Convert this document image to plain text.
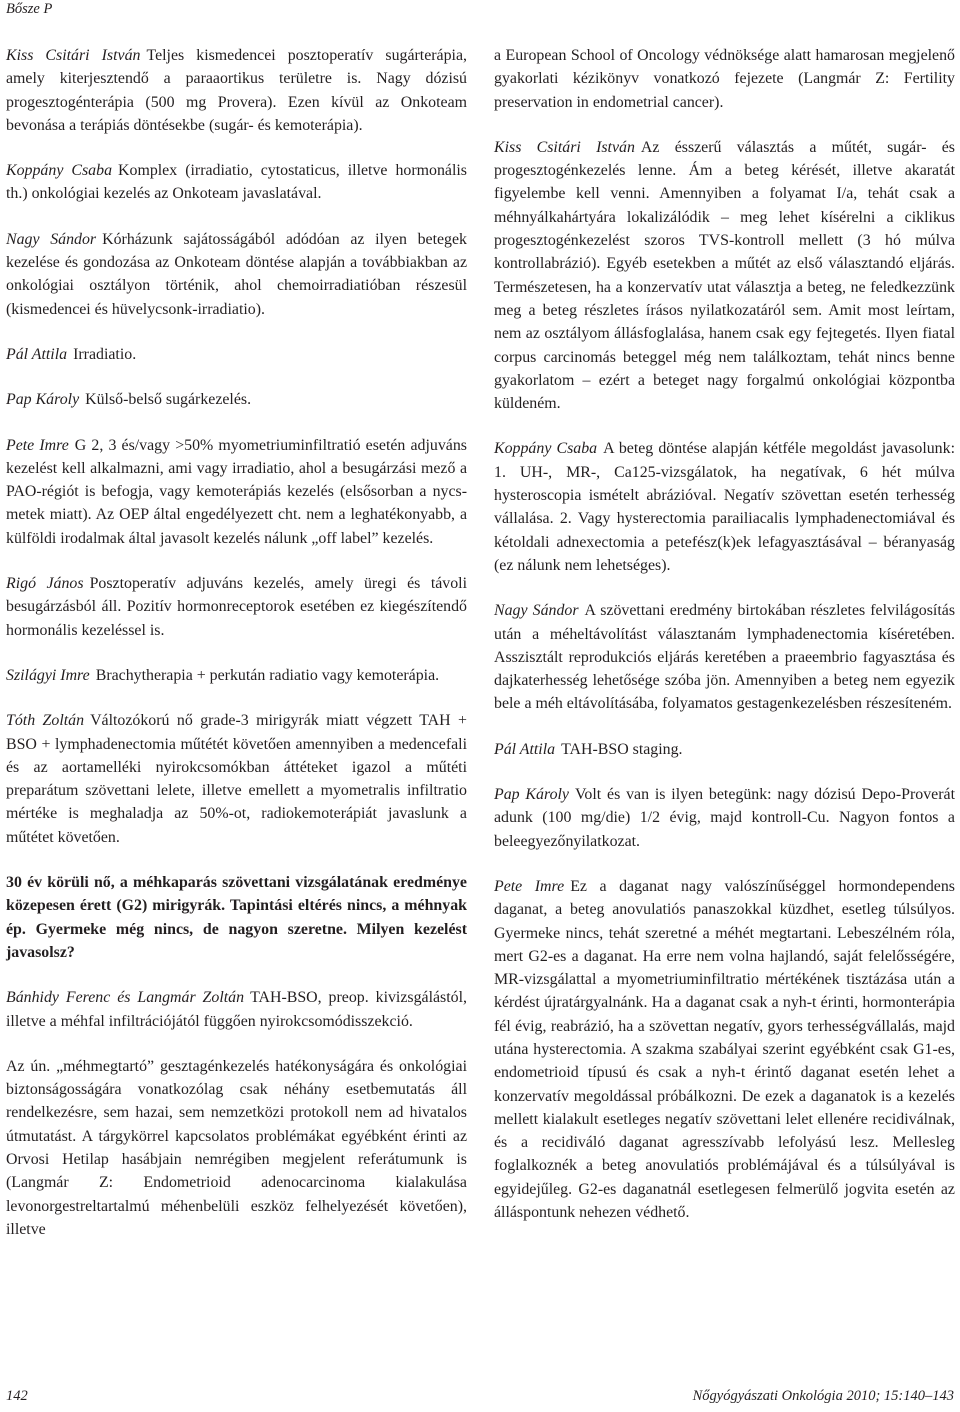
Bősze P

Kiss Csitári István Teljes kismedencei posztoperatív sugárterápia, amely kiterjesztendő a paraaortikus területre is. Nagy dózisú progesztogénterápia (500 mg Provera). Ezen kívül az Onkoteam bevonása a terápiás döntésekbe (sugár- és kemoterápia).

Koppány Csaba Komplex (irradiatio, cytostaticus, illetve hormonális th.) onkológiai kezelés az Onkoteam javaslatával.

Nagy Sándor Kórházunk sajátosságából adódóan az ilyen betegek kezelése és gondozása az Onkoteam döntése alapján a továbbiakban az onkológiai osztályon történik, ahol chemoirradiatióban részesül (kismedencei és hüvelycsonk-irradiatio).

Pál Attila Irradiatio.

Pap Károly Külső-belső sugárkezelés.

Pete Imre G 2, 3 és/vagy >50% myometriuminfiltratió esetén adjuváns kezelést kell alkalmazni, ami vagy irradiatio, ahol a besugárzási mező a PAO-régiót is befogja, vagy kemoterápiás kezelés (elsősorban a nycs-metek miatt). Az OEP által engedélyezett cht. nem a leghatékonyabb, a külföldi irodalmak által javasolt kezelés nálunk „off label” kezelés.

Rigó János Posztoperatív adjuváns kezelés, amely üregi és távoli besugárzásból áll. Pozitív hormonreceptorok esetében ez kiegészítendő hormonális kezeléssel is.

Szilágyi Imre Brachytherapia + perkután radiatio vagy kemoterápia.

Tóth Zoltán Változókorú nő grade-3 mirigyrák miatt végzett TAH + BSO + lymphadenectomia műtétét követően amennyiben a medencefali és az aortamelléki nyirokcsomókban áttéteket igazol a műtéti preparátum szövettani lelete, illetve emellett a myometralis infiltratio mértéke is meghaladja az 50%-ot, radiokemoterápiát javaslunk a műtétet követően.

30 év körüli nő, a méhkaparás szövettani vizsgálatának eredménye közepesen érett (G2) mirigyrák. Tapintási eltérés nincs, a méhnyak ép. Gyermeke még nincs, de nagyon szeretne. Milyen kezelést javasolsz?

Bánhidy Ferenc és Langmár Zoltán TAH-BSO, preop. kivizsgálástól, illetve a méhfal infiltrációjától függően nyirokcsomódisszekció.

Az ún. „méhmegtartó” gesztagénkezelés hatékonyságára és onkológiai biztonságosságára vonatkozólag csak néhány esetbemutatás áll rendelkezésre, sem hazai, sem nemzetközi protokoll nem ad hivatalos útmutatást. A tárgykörrel kapcsolatos problémákat egyébként érinti az Orvosi Hetilap hasábjain nemrégiben megjelent referátumunk is (Langmár Z: Endometrioid adenocarcinoma kialakulása levonorgestreltartalmú méhenbelüli eszköz felhelyezését követően), illetve

a European School of Oncology védnöksége alatt hamarosan megjelenő gyakorlati kézikönyv vonatkozó fejezete (Langmár Z: Fertility preservation in endometrial cancer).

Kiss Csitári István Az ésszerű választás a műtét, sugár- és progesztogénkezelés lenne. Ám a beteg kérését, illetve akaratát figyelembe kell venni. Amennyiben a folyamat I/a, tehát csak a méhnyálkahártyára lokalizálódik – meg lehet kísérelni a ciklikus progesztogénkezelést szoros TVS-kontroll mellett (3 hó múlva kontrollabrázió). Egyéb esetekben a műtét az első választandó eljárás. Természetesen, ha a konzervatív utat választja a beteg, ne feledkezzünk meg a beteg részletes írásos nyilatkozatáról sem. Amit most leírtam, nem az osztályom állásfoglalása, hanem csak egy fejtegetés. Ilyen fiatal corpus carcinomás beteggel még nem találkoztam, tehát nincs benne gyakorlatom – ezért a beteget nagy forgalmú onkológiai központba küldeném.

Koppány Csaba A beteg döntése alapján kétféle megoldást javasolunk: 1. UH-, MR-, Ca125-vizsgálatok, ha negatívak, 6 hét múlva hysteroscopia ismételt abrázióval. Negatív szövettan esetén terhesség vállalása. 2. Vagy hysterectomia parailiacalis lymphadenectomiával és kétoldali adnexectomia a petefész(k)ek lefagyasztásával – béranyaság (ez nálunk nem lehetséges).

Nagy Sándor A szövettani eredmény birtokában részletes felvilágosítás után a méheltávolítást választanám lymphadenectomia kíséretében. Asszisztált reprodukciós eljárás keretében a praeembrio fagyasztása és dajkaterhesség lehetősége szóba jön. Amennyiben a beteg nem egyezik bele a méh eltávolításába, folyamatos gestagenkezelésben részesíteném.

Pál Attila TAH-BSO staging.

Pap Károly Volt és van is ilyen betegünk: nagy dózisú Depo-Proverát adunk (100 mg/die) 1/2 évig, majd kontroll-Cu. Nagyon fontos a beleegyezőnyilatkozat.

Pete Imre Ez a daganat nagy valószínűséggel hormondependens daganat, a beteg anovulatiós panaszokkal küzdhet, esetleg túlsúlyos. Gyermeke nincs, tehát szeretné a méhét megtartani. Lebeszélném róla, mert G2-es a daganat. Ha erre nem volna hajlandó, saját felelősségére, MR-vizsgálattal a myometriuminfiltratio mértékének tisztázása után a kérdést újratárgyalnánk. Ha a daganat csak a nyh-t érinti, hormonterápia fél évig, reabrázió, ha a szövettan negatív, gyors terhességvállalás, majd utána hysterectomia. A szakma szabályai szerint egyébként csak G1-es, endometrioid típusú és csak a nyh-t érintő daganat esetén lehet a konzervatív megoldással próbálkozni. De ezek a daganatok is a kezelés mellett kialakult esetleges negatív szövettani lelet ellenére recidiválnak, és a recidiváló daganat agresszívabb lefolyású lesz. Mellesleg foglalkoznék a beteg anovulatiós problémájával és a túlsúlyával is egyidejűleg. G2-es daganatnál esetlegesen felmerülő jogvita esetén az álláspontunk nehezen védhető.

142	Nőgyógyászati Onkológia 2010; 15:140–143
